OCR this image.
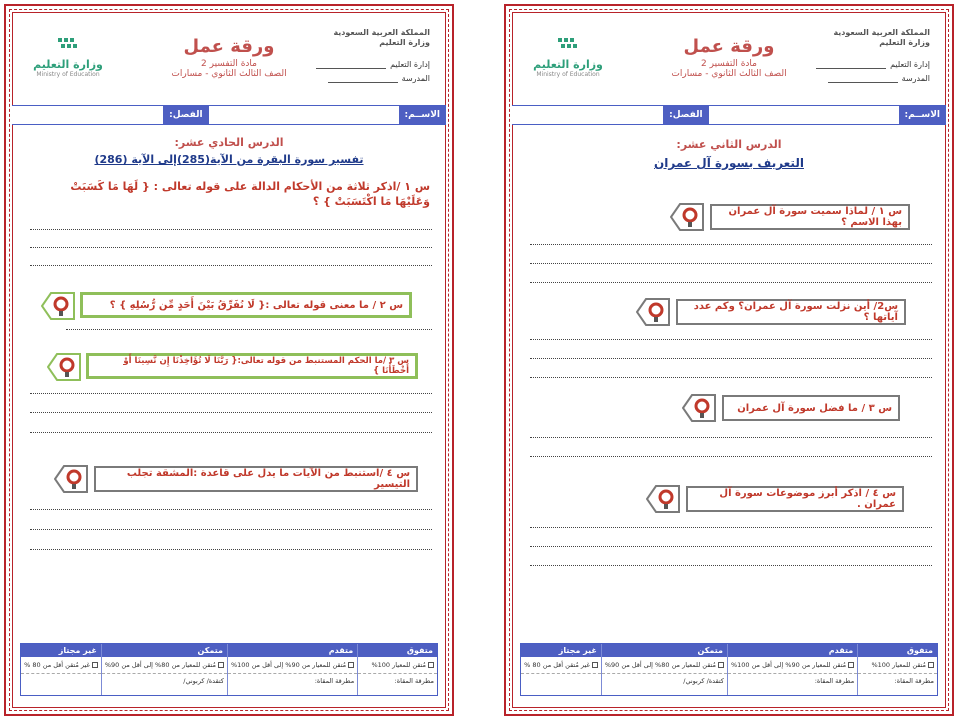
المملكة العربية السعودية
وزارة التعليم
إدارة التعليم
المدرسة
ورقة عمل
مادة التفسير 2
الصف الثالث الثانوي - مسارات
وزارة التعليم
Ministry of Education
الاســم:
الفصل:
الدرس الحادي عشر:
تفسير سورة البقرة من الآية(285)إلى الآية (286)
س ١ /اذكر ثلاثة من الأحكام الدالة على قوله تعالى : { لَهَا مَا كَسَبَتْ وَعَلَيْهَا مَا اكْتَسَبَتْ } ؟
س ٢ / ما معنى قوله تعالى :{ لَا نُفَرِّقُ بَيْنَ أَحَدٍ مِّن رُّسُلِهِ } ؟
س ٣ /ما الحكم المستنبط من قوله تعالى:{ رَبَّنَا لَا تُؤَاخِذْنَا إِن نَّسِينَا أَوْ أَخْطَأْنَا }
س ٤ /استنبط من الآيات ما يدل على قاعدة :المشقة تجلب التيسير
متفوق
مُتقن للمعيار 100%
مطرقة المقاة:
متقدم
مُتقن للمعيار من 90% إلى أقل من 100%
مطرقة المقاة:
متمكن
مُتقن للمعيار من 80% إلى أقل من 90%
كتقدة/ كربوني/
غير مجتاز
غير مُتقن أقل من 80 %
المملكة العربية السعودية
وزارة التعليم
إدارة التعليم
المدرسة
ورقة عمل
مادة التفسير 2
الصف الثالث الثانوي - مسارات
وزارة التعليم
Ministry of Education
الاســم:
الفصل:
الدرس الثاني عشر:
التعريف بسورة آل عمران
س ١ / لماذا سميت سورة آل عمران بهذا الاسم ؟
س2/ أين نزلت سورة آل عمران؟ وكم عدد آياتها ؟
س ٣ / ما فضل سورة آل عمران
س ٤ / اذكر أبرز موضوعات سورة آل عمران .
متفوق
مُتقن للمعيار 100%
مطرقة المقاة:
متقدم
مُتقن للمعيار من 90% إلى أقل من 100%
مطرقة المقاة:
متمكن
مُتقن للمعيار من 80% إلى أقل من 90%
كتقدة/ كربوني/
غير مجتاز
غير مُتقن أقل من 80 %
